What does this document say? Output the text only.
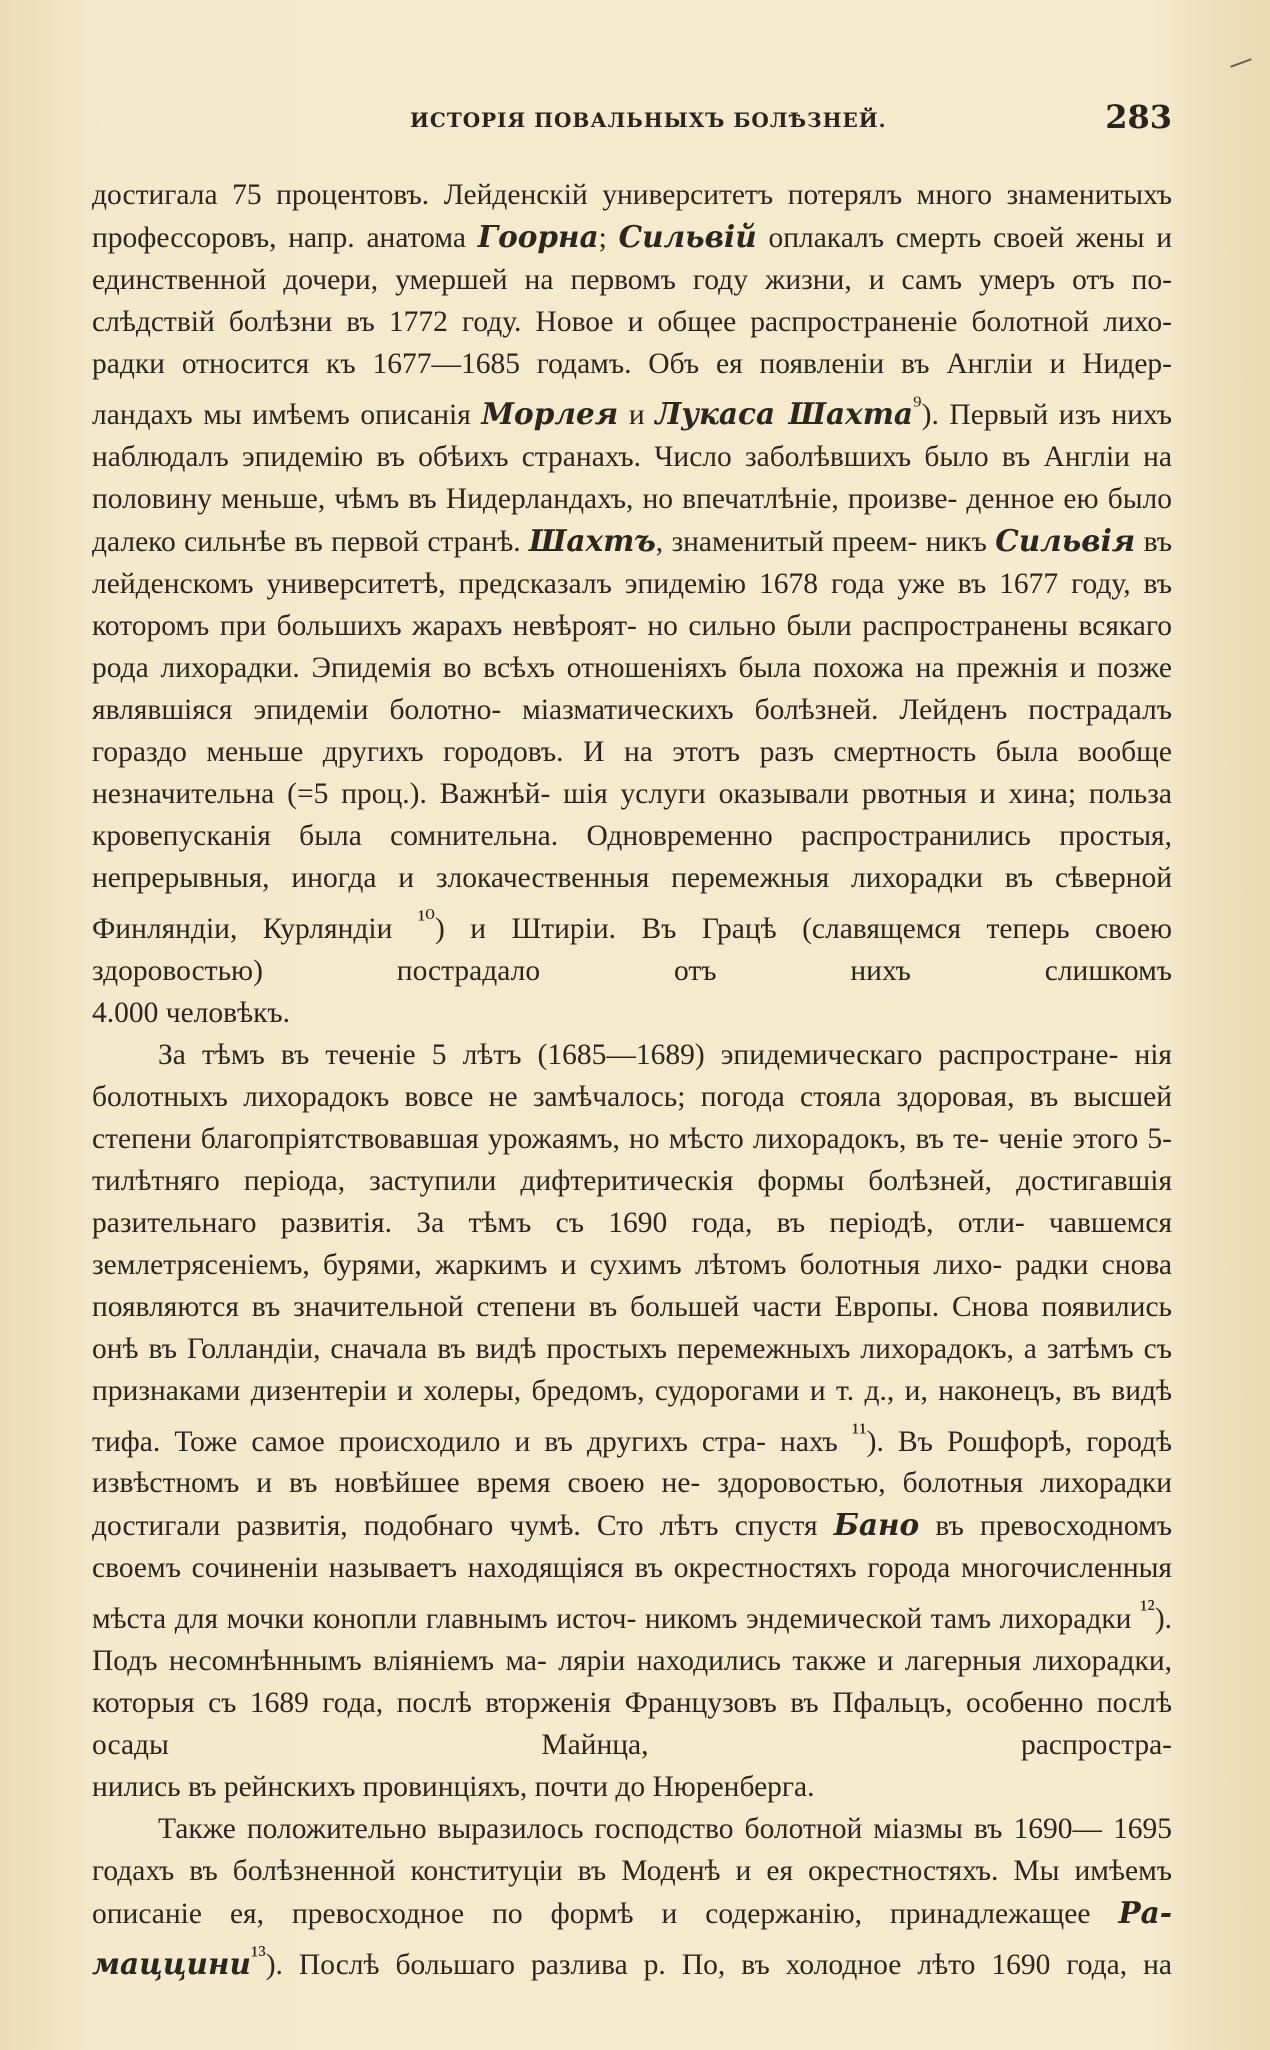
ИСТОРІЯ ПОВАЛЬНЫХЪ БОЛѢЗНЕЙ.	283

достигала 75 процентовъ. Лейденскій университетъ потерялъ много знаменитыхъ профессоровъ, напр. анатома Гоорна; Сильвій оплакалъ смерть своей жены и единственной дочери, умершей на первомъ году жизни, и самъ умеръ отъ по- слѣдствій болѣзни въ 1772 году. Новое и общее распространеніе болотной лихо- радки относится къ 1677—1685 годамъ. Объ ея появленіи въ Англіи и Нидер- ландахъ мы имѣемъ описанія Морлея и Лукаса Шахта$^{^9}$). Первый изъ нихъ наблюдалъ эпидемію въ обѣихъ странахъ. Число заболѣвшихъ было въ Англіи на половину меньше, чѣмъ въ Нидерландахъ, но впечатлѣніе, произве- денное ею было далеко сильнѣе въ первой странѣ. Шахтъ, знаменитый преем- никъ Сильвія въ лейденскомъ университетѣ, предсказалъ эпидемію 1678 года уже въ 1677 году, въ которомъ при большихъ жарахъ невѣроят- но сильно были распространены всякаго рода лихорадки. Эпидемія во всѣхъ отношеніяхъ была похожа на прежнія и позже являвшіяся эпидеміи болотно- міазматическихъ болѣзней. Лейденъ пострадалъ гораздо меньше другихъ городовъ. И на этотъ разъ смертность была вообще незначительна (=5 проц.). Важнѣй- шія услуги оказывали рвотныя и хина; польза кровепусканія была сомнительна. Одновременно распространились простыя, непрерывныя, иногда и злокачественныя перемежныя лихорадки въ сѣверной Финляндіи, Курляндіи $^{^{10}}$) и Штиріи. Въ Грацѣ (славящемся теперь своею здоровостью) пострадало отъ нихъ слишкомъ

4.000 человѣкъ.

За тѣмъ въ теченіе 5 лѣтъ (1685—1689) эпидемическаго распростране- нія болотныхъ лихорадокъ вовсе не замѣчалось; погода стояла здоровая, въ высшей степени благопріятствовавшая урожаямъ, но мѣсто лихорадокъ, въ те- ченіе этого 5-тилѣтняго періода, заступили дифтеритическія формы болѣзней, достигавшія разительнаго развитія. За тѣмъ съ 1690 года, въ періодѣ, отли- чавшемся землетрясеніемъ, бурями, жаркимъ и сухимъ лѣтомъ болотныя лихо- радки снова появляются въ значительной степени въ большей части Европы. Снова появились онѣ въ Голландіи, сначала въ видѣ простыхъ перемежныхъ лихорадокъ, а затѣмъ съ признаками дизентеріи и холеры, бредомъ, судорогами и т. д., и, наконецъ, въ видѣ тифа. Тоже самое происходило и въ другихъ стра- нахъ $^{^{11}}$). Въ Рошфорѣ, городѣ извѣстномъ и въ новѣйшее время своею не- здоровостью, болотныя лихорадки достигали развитія, подобнаго чумѣ. Сто лѣтъ спустя Бано въ превосходномъ своемъ сочиненіи называетъ находящіяся въ окрестностяхъ города многочисленныя мѣста для мочки конопли главнымъ источ- никомъ эндемической тамъ лихорадки $^{^{12}}$). Подъ несомнѣннымъ вліяніемъ ма- ляріи находились также и лагерныя лихорадки, которыя съ 1689 года, послѣ вторженія Французовъ въ Пфальцъ, особенно послѣ осады Майнца, распростра-

нились въ рейнскихъ провинціяхъ, почти до Нюренберга.

Также положительно выразилось господство болотной міазмы въ 1690— 1695 годахъ въ болѣзненной конституціи въ Моденѣ и ея окрестностяхъ. Мы имѣемъ описаніе ея, превосходное по формѣ и содержанію, принадлежащее Ра- маццини$^{^{13}}$). Послѣ большаго разлива р. По, въ холодное лѣто 1690 года, на
